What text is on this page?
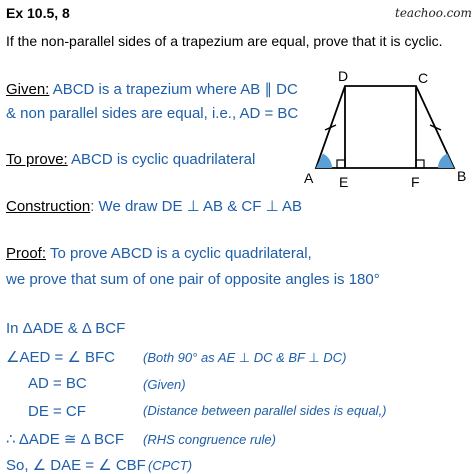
Ex 10.5, 8	teachoo.com
If the non-parallel sides of a trapezium are equal, prove that it is cyclic.
Given: ABCD is a trapezium where AB ∥ DC
& non parallel sides are equal, i.e., AD = BC
To prove: ABCD is cyclic quadrilateral
Construction: We draw DE ⊥ AB & CF ⊥ AB
Proof: To prove ABCD is a cyclic quadrilateral,
we prove that sum of one pair of opposite angles is 180°
In ΔADE & Δ BCF
∠AED = ∠ BFC (Both 90° as AE ⊥ DC & BF ⊥ DC)
AD = BC	(Given)
DE = CF	(Distance between parallel sides is equal,)
∴ ΔADE ≅ Δ BCF (RHS congruence rule)
So, ∠ DAE = ∠ CBF (CPCT)
D	C
A E	F	B
